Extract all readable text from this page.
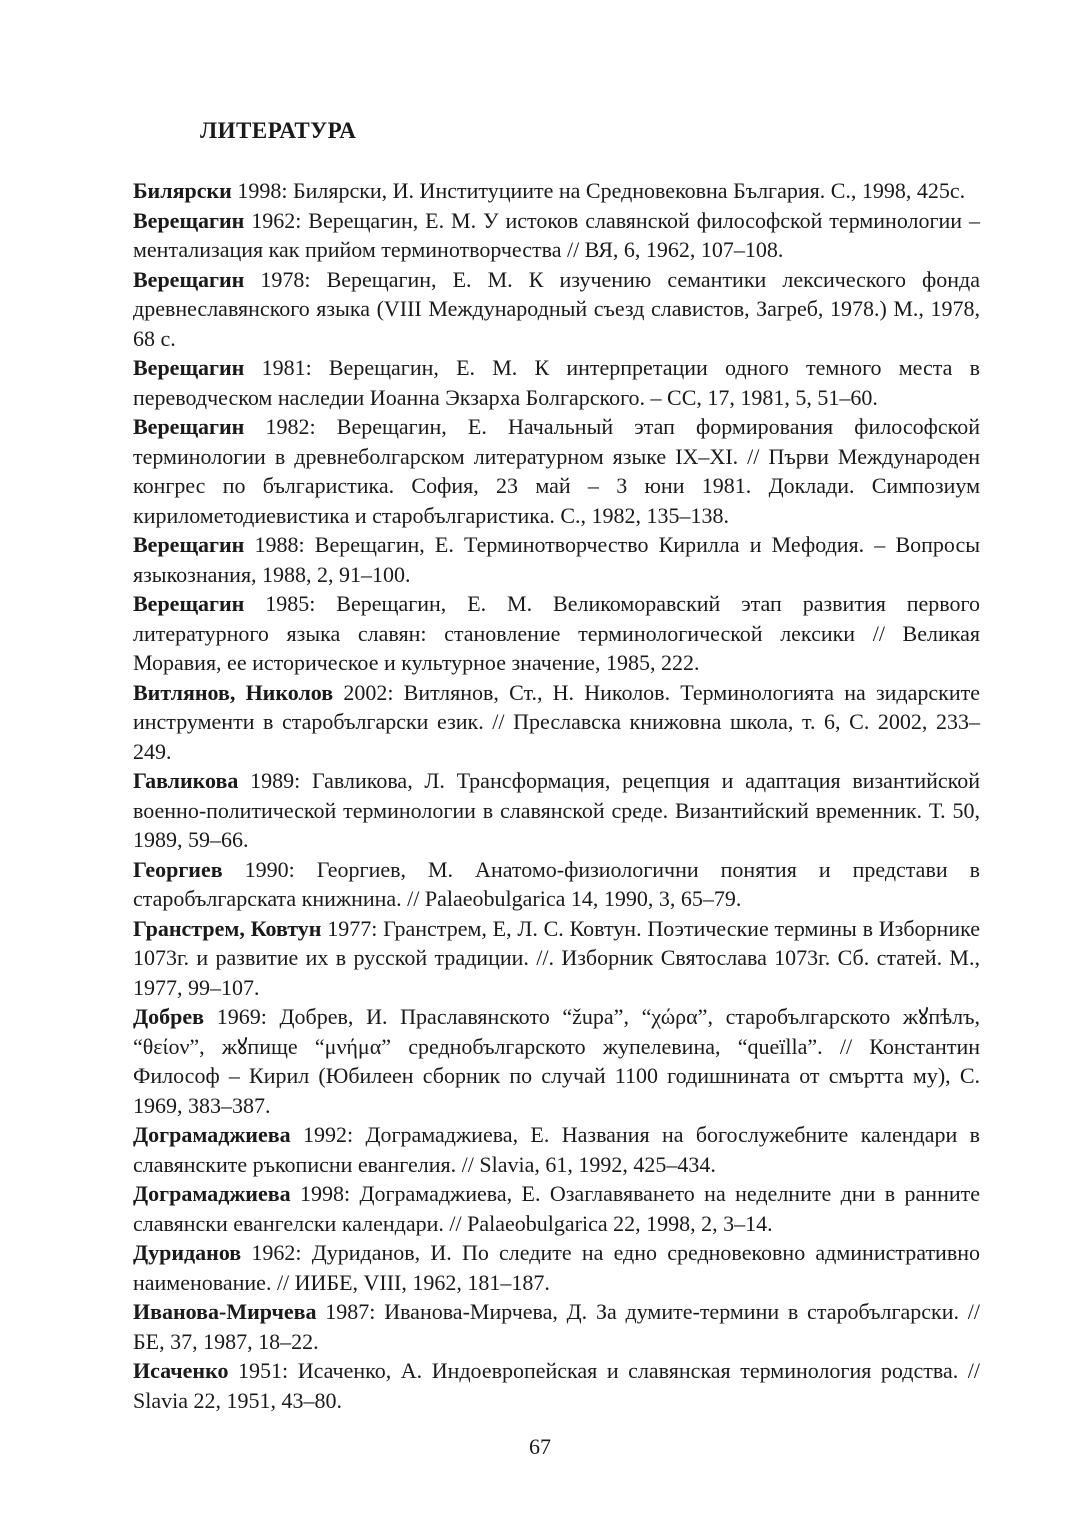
ЛИТЕРАТУРА

Билярски 1998: Билярски, И. Институциите на Средновековна България. С., 1998, 425с.

Верещагин 1962: Верещагин, Е. М. У истоков славянской философской терминологии – ментализация как прийом терминотворчества // ВЯ, 6, 1962, 107–108.

Верещагин 1978: Верещагин, Е. М. К изучению семантики лексического фонда древнеславянского языка (VIII Международный съезд славистов, Загреб, 1978.) М., 1978, 68 с.

Верещагин 1981: Верещагин, Е. М. К интерпретации одного темного места в переводческом наследии Иоанна Экзарха Болгарского. – СС, 17, 1981, 5, 51–60.

Верещагин 1982: Верещагин, Е. Начальный этап формирования философской терминологии в древнеболгарском литературном языке IX–XI. // Първи Международен конгрес по българистика. София, 23 май – 3 юни 1981. Доклади. Симпозиум кирилометодиевистика и старобългаристика. С., 1982, 135–138.

Верещагин 1988: Верещагин, Е. Терминотворчество Кирилла и Мефодия. – Вопросы языкознания, 1988, 2, 91–100.

Верещагин 1985: Верещагин, Е. М. Великоморавский этап развития первого литературного языка славян: становление терминологической лексики // Великая Моравия, ее историческое и культурное значение, 1985, 222.

Витлянов, Николов 2002: Витлянов, Ст., Н. Николов. Терминологията на зидарските инструменти в старобългарски език. // Преславска книжовна школа, т. 6, С. 2002, 233–249.

Гавликова 1989: Гавликова, Л. Трансформация, рецепция и адаптация византийской военно-политической терминологии в славянской среде. Византийский временник. Т. 50, 1989, 59–66.

Георгиев 1990: Георгиев, М. Анатомо-физиологични понятия и представи в старобългарската книжнина. // Palaeobulgarica 14, 1990, 3, 65–79.

Гранстрем, Ковтун 1977: Гранстрем, Е, Л. С. Ковтун. Поэтические термины в Изборнике 1073г. и развитие их в русской традиции. //. Изборник Святослава 1073г. Сб. статей. М., 1977, 99–107.

Добрев 1969: Добрев, И. Праславянското “župa”, “χώρα”, старобългарското жꙋпѣлъ, “θείον”, жꙋпище “μνήμα” среднобългарското жупелевина, “queïlla”. // Константин Философ – Кирил (Юбилеен сборник по случай 1100 годишнината от смъртта му), С. 1969, 383–387.

Дограмаджиева 1992: Дограмаджиева, Е. Названия на богослужебните календари в славянските ръкописни евангелия. // Slavia, 61, 1992, 425–434.

Дограмаджиева 1998: Дограмаджиева, Е. Озаглавяването на неделните дни в ранните славянски евангелски календари. // Palaeobulgarica 22, 1998, 2, 3–14.

Дуриданов 1962: Дуриданов, И. По следите на едно средновековно административно наименование. // ИИБЕ, VIII, 1962, 181–187.

Иванова-Мирчева 1987: Иванова-Мирчева, Д. За думите-термини в старобългарски. // БЕ, 37, 1987, 18–22.

Исаченко 1951: Исаченко, А. Индоевропейская и славянская терминология родства. // Slavia 22, 1951, 43–80.

67
